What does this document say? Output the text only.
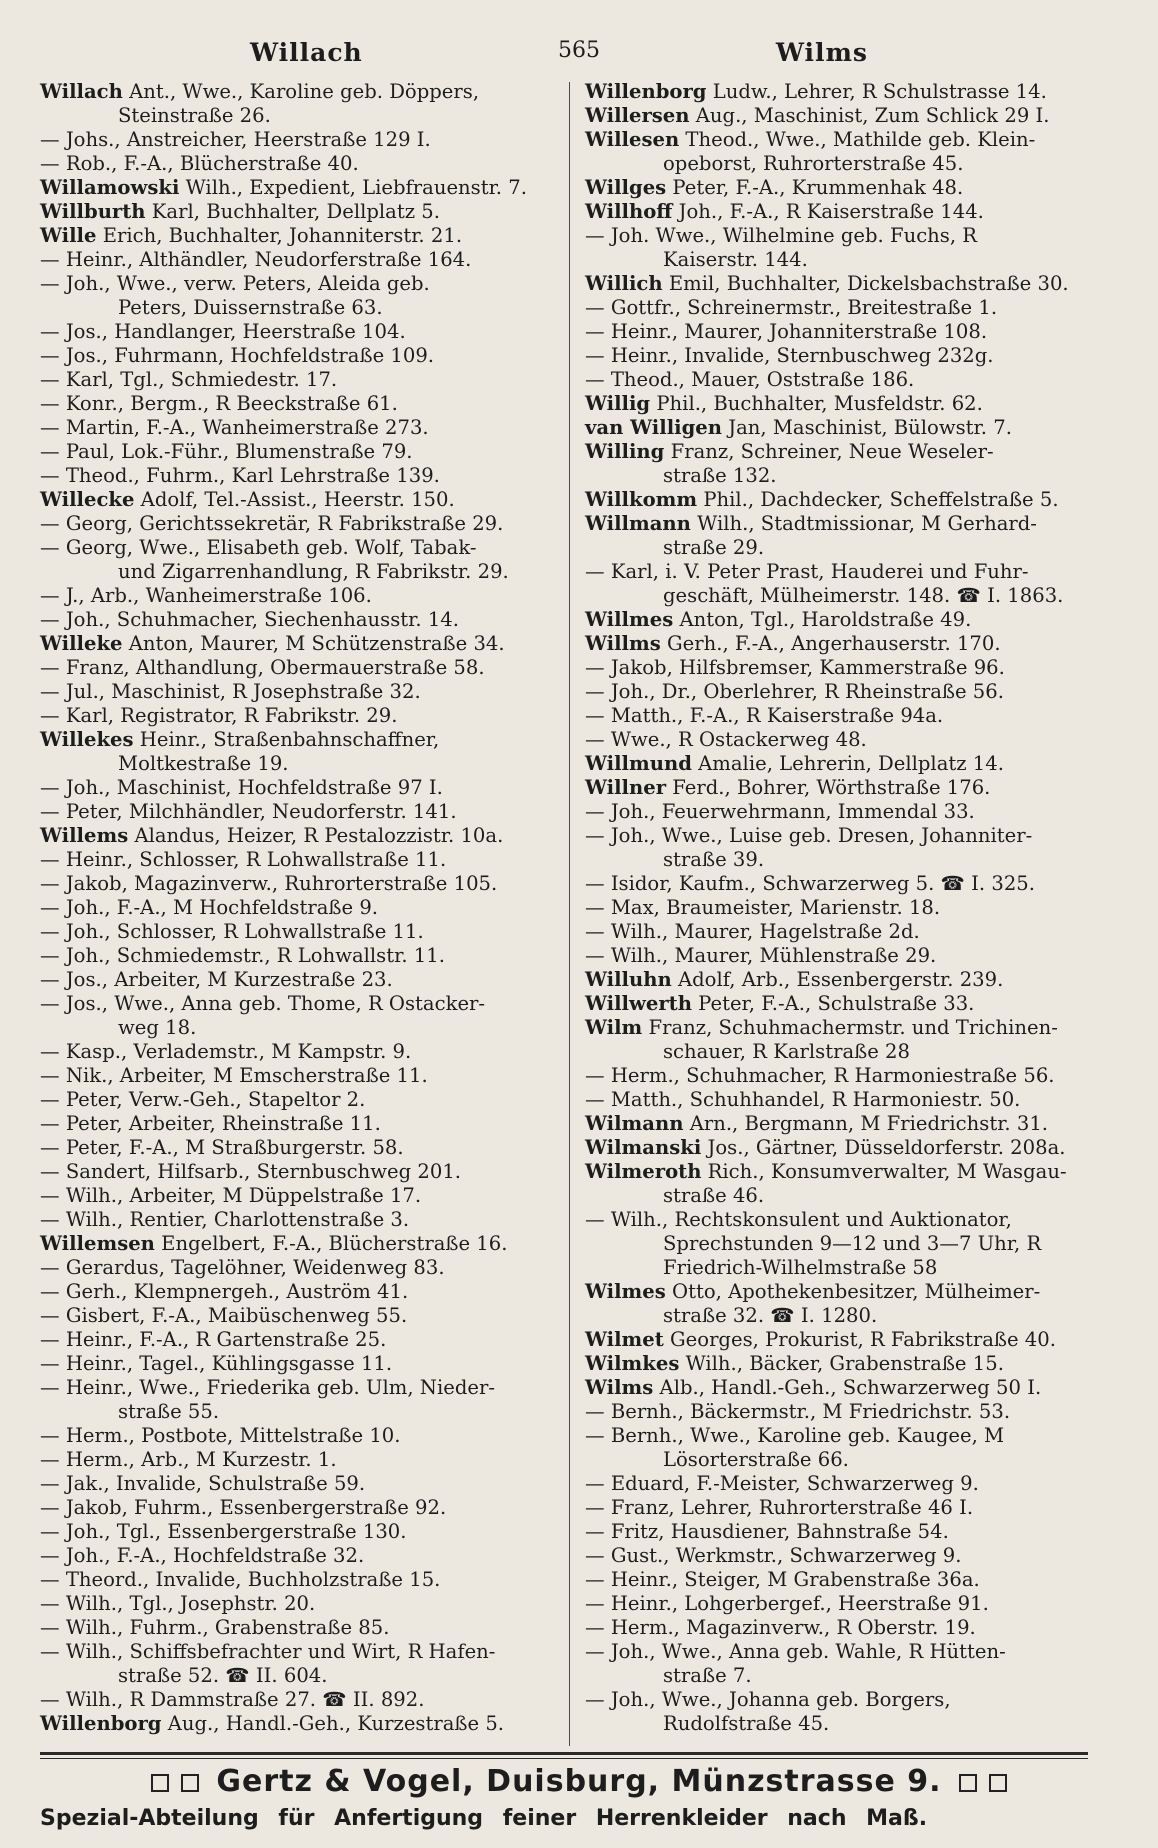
Willach	565	Wilms
Willach Ant., Wwe., Karoline geb. Döppers,
Steinstraße 26.
— Johs., Anstreicher, Heerstraße 129 I.
— Rob., F.-A., Blücherstraße 40.
Willamowski Wilh., Expedient, Liebfrauenstr. 7.
Willburth Karl, Buchhalter, Dellplatz 5.
Wille Erich, Buchhalter, Johanniterstr. 21.
— Heinr., Althändler, Neudorferstraße 164.
— Joh., Wwe., verw. Peters, Aleida geb.
Peters, Duissernstraße 63.
— Jos., Handlanger, Heerstraße 104.
— Jos., Fuhrmann, Hochfeldstraße 109.
— Karl, Tgl., Schmiedestr. 17.
— Konr., Bergm., R Beeckstraße 61.
— Martin, F.-A., Wanheimerstraße 273.
— Paul, Lok.-Führ., Blumenstraße 79.
— Theod., Fuhrm., Karl Lehrstraße 139.
Willecke Adolf, Tel.-Assist., Heerstr. 150.
— Georg, Gerichtssekretär, R Fabrikstraße 29.
— Georg, Wwe., Elisabeth geb. Wolf, Tabak-
und Zigarrenhandlung, R Fabrikstr. 29.
— J., Arb., Wanheimerstraße 106.
— Joh., Schuhmacher, Siechenhausstr. 14.
Willeke Anton, Maurer, M Schützenstraße 34.
— Franz, Althandlung, Obermauerstraße 58.
— Jul., Maschinist, R Josephstraße 32.
— Karl, Registrator, R Fabrikstr. 29.
Willekes Heinr., Straßenbahnschaffner,
Moltkestraße 19.
— Joh., Maschinist, Hochfeldstraße 97 I.
— Peter, Milchhändler, Neudorferstr. 141.
Willems Alandus, Heizer, R Pestalozzistr. 10a.
— Heinr., Schlosser, R Lohwallstraße 11.
— Jakob, Magazinverw., Ruhrorterstraße 105.
— Joh., F.-A., M Hochfeldstraße 9.
— Joh., Schlosser, R Lohwallstraße 11.
— Joh., Schmiedemstr., R Lohwallstr. 11.
— Jos., Arbeiter, M Kurzestraße 23.
— Jos., Wwe., Anna geb. Thome, R Ostacker-
weg 18.
— Kasp., Verlademstr., M Kampstr. 9.
— Nik., Arbeiter, M Emscherstraße 11.
— Peter, Verw.-Geh., Stapeltor 2.
— Peter, Arbeiter, Rheinstraße 11.
— Peter, F.-A., M Straßburgerstr. 58.
— Sandert, Hilfsarb., Sternbuschweg 201.
— Wilh., Arbeiter, M Düppelstraße 17.
— Wilh., Rentier, Charlottenstraße 3.
Willemsen Engelbert, F.-A., Blücherstraße 16.
— Gerardus, Tagelöhner, Weidenweg 83.
— Gerh., Klempnergeh., Auström 41.
— Gisbert, F.-A., Maibüschenweg 55.
— Heinr., F.-A., R Gartenstraße 25.
— Heinr., Tagel., Kühlingsgasse 11.
— Heinr., Wwe., Friederika geb. Ulm, Nieder-
straße 55.
— Herm., Postbote, Mittelstraße 10.
— Herm., Arb., M Kurzestr. 1.
— Jak., Invalide, Schulstraße 59.
— Jakob, Fuhrm., Essenbergerstraße 92.
— Joh., Tgl., Essenbergerstraße 130.
— Joh., F.-A., Hochfeldstraße 32.
— Theord., Invalide, Buchholzstraße 15.
— Wilh., Tgl., Josephstr. 20.
— Wilh., Fuhrm., Grabenstraße 85.
— Wilh., Schiffsbefrachter und Wirt, R Hafen-
straße 52. ☎ II. 604.
— Wilh., R Dammstraße 27. ☎ II. 892.
Willenborg Aug., Handl.-Geh., Kurzestraße 5.
Willenborg Ludw., Lehrer, R Schulstrasse 14.
Willersen Aug., Maschinist, Zum Schlick 29 I.
Willesen Theod., Wwe., Mathilde geb. Klein-
opeborst, Ruhrorterstraße 45.
Willges Peter, F.-A., Krummenhak 48.
Willhoff Joh., F.-A., R Kaiserstraße 144.
— Joh. Wwe., Wilhelmine geb. Fuchs, R
Kaiserstr. 144.
Willich Emil, Buchhalter, Dickelsbachstraße 30.
— Gottfr., Schreinermstr., Breitestraße 1.
— Heinr., Maurer, Johanniterstraße 108.
— Heinr., Invalide, Sternbuschweg 232g.
— Theod., Mauer, Oststraße 186.
Willig Phil., Buchhalter, Musfeldstr. 62.
van Willigen Jan, Maschinist, Bülowstr. 7.
Willing Franz, Schreiner, Neue Weseler-
straße 132.
Willkomm Phil., Dachdecker, Scheffelstraße 5.
Willmann Wilh., Stadtmissionar, M Gerhard-
straße 29.
— Karl, i. V. Peter Prast, Hauderei und Fuhr-
geschäft, Mülheimerstr. 148. ☎ I. 1863.
Willmes Anton, Tgl., Haroldstraße 49.
Willms Gerh., F.-A., Angerhauserstr. 170.
— Jakob, Hilfsbremser, Kammerstraße 96.
— Joh., Dr., Oberlehrer, R Rheinstraße 56.
— Matth., F.-A., R Kaiserstraße 94a.
— Wwe., R Ostackerweg 48.
Willmund Amalie, Lehrerin, Dellplatz 14.
Willner Ferd., Bohrer, Wörthstraße 176.
— Joh., Feuerwehrmann, Immendal 33.
— Joh., Wwe., Luise geb. Dresen, Johanniter-
straße 39.
— Isidor, Kaufm., Schwarzerweg 5. ☎ I. 325.
— Max, Braumeister, Marienstr. 18.
— Wilh., Maurer, Hagelstraße 2d.
— Wilh., Maurer, Mühlenstraße 29.
Willuhn Adolf, Arb., Essenbergerstr. 239.
Willwerth Peter, F.-A., Schulstraße 33.
Wilm Franz, Schuhmachermstr. und Trichinen-
schauer, R Karlstraße 28
— Herm., Schuhmacher, R Harmoniestraße 56.
— Matth., Schuhhandel, R Harmoniestr. 50.
Wilmann Arn., Bergmann, M Friedrichstr. 31.
Wilmanski Jos., Gärtner, Düsseldorferstr. 208a.
Wilmeroth Rich., Konsumverwalter, M Wasgau-
straße 46.
— Wilh., Rechtskonsulent und Auktionator,
Sprechstunden 9—12 und 3—7 Uhr, R
Friedrich-Wilhelmstraße 58
Wilmes Otto, Apothekenbesitzer, Mülheimer-
straße 32. ☎ I. 1280.
Wilmet Georges, Prokurist, R Fabrikstraße 40.
Wilmkes Wilh., Bäcker, Grabenstraße 15.
Wilms Alb., Handl.-Geh., Schwarzerweg 50 I.
— Bernh., Bäckermstr., M Friedrichstr. 53.
— Bernh., Wwe., Karoline geb. Kaugee, M
Lösorterstraße 66.
— Eduard, F.-Meister, Schwarzerweg 9.
— Franz, Lehrer, Ruhrorterstraße 46 I.
— Fritz, Hausdiener, Bahnstraße 54.
— Gust., Werkmstr., Schwarzerweg 9.
— Heinr., Steiger, M Grabenstraße 36a.
— Heinr., Lohgerbergef., Heerstraße 91.
— Herm., Magazinverw., R Oberstr. 19.
— Joh., Wwe., Anna geb. Wahle, R Hütten-
straße 7.
— Joh., Wwe., Johanna geb. Borgers,
Rudolfstraße 45.
Gertz & Vogel, Duisburg, Münzstrasse 9.
Spezial-Abteilung für Anfertigung feiner Herrenkleider nach Maß.
